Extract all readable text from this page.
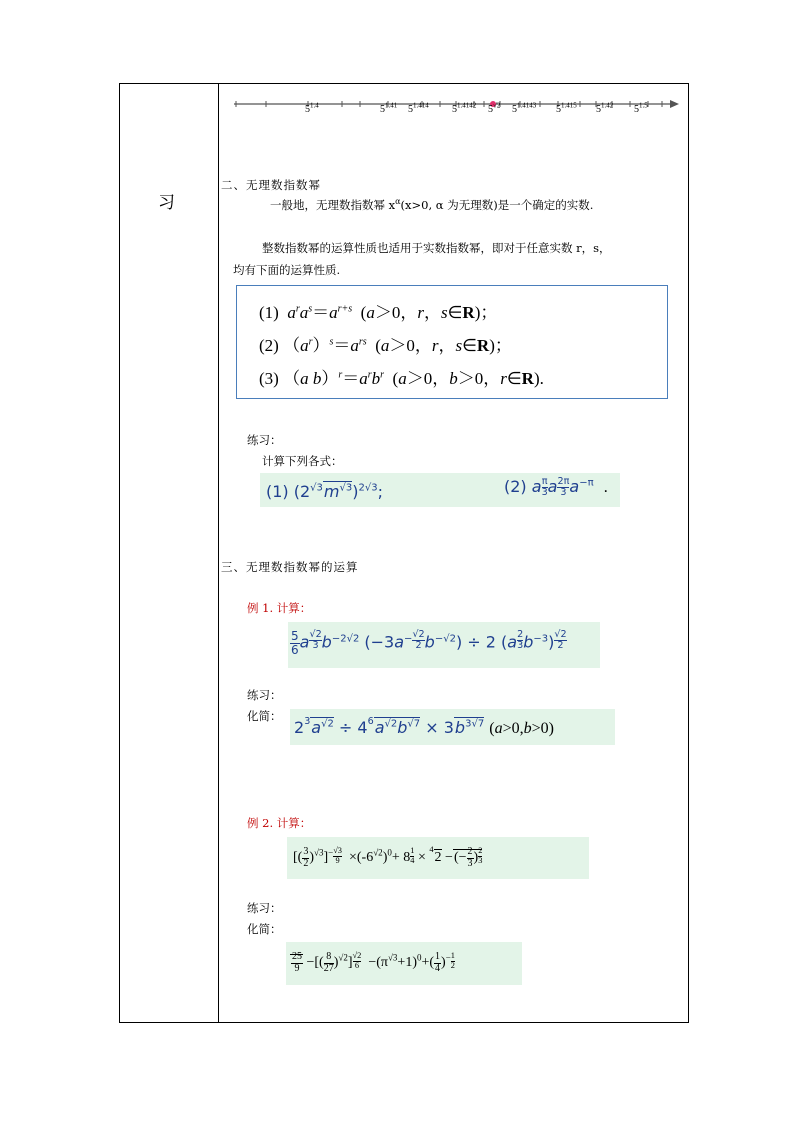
习
$5^{1.4}$	$5^{1.41}$ $5^{1.414}$ $5^{1.4142}$ $5^{√2}$ $5^{1.4143}$ $5^{1.415}$ $5^{1.42}$ $5^{1.5}$
二、无理数指数幂
一般地，无理数指数幂 $x^\alpha(x>0$, α 为无理数)是一个确定的实数.
整数指数幂的运算性质也适用于实数指数幂，即对于任意实数 r，s，
均有下面的运算性质.
(1) $a^ra^s=a^{r+s}$  (a＞0，r，s∈R)；
(2) $(a^r)^s=a^{rs}$  (a＞0，r，s∈R)；
(3) （a $b)^r=a^rb^r$  (a＞0，b＞0，r∈R).
练习：
计算下列各式：
(1) $(2^{√3}m^{√3})^{2√3}$;	(2) a $\frac{\pi}{3}$ a $\frac{2\pi}{3} a^{-\pi}$ .
三、无理数指数幂的运算
例 1. 计算：
$\frac{5}{6}$ a $\frac{√2}{3} b^{-2√2}$ $(-3a^- \frac{√2}{2} b^{-√2}) \div 2$ $(a \frac{2}{3} b^{-3}) \frac{√2}{2}$
练习：
化简：
$2^3a^{√2} \div 4^6a^{√2}b^{√7} \times 3b^{3√7}$ (a>0,b>0)
例 2. 计算：
[( $\frac{3}{2} )^{√3}]^- \frac{√3}{9} \times(-6^{√2})^0+ 8 \frac{1}{4} \times ^42$ −(− $\frac{2}{3}$ ) $\frac{2}{3}$
练习：
化简：
$\frac{25}{9}$ −[( $\frac{8}{27} )^{√2}] \frac{√2}{6} -(\pi^{√3}+1)^0+( \frac{1}{4} )^- \frac{1}{2}$
